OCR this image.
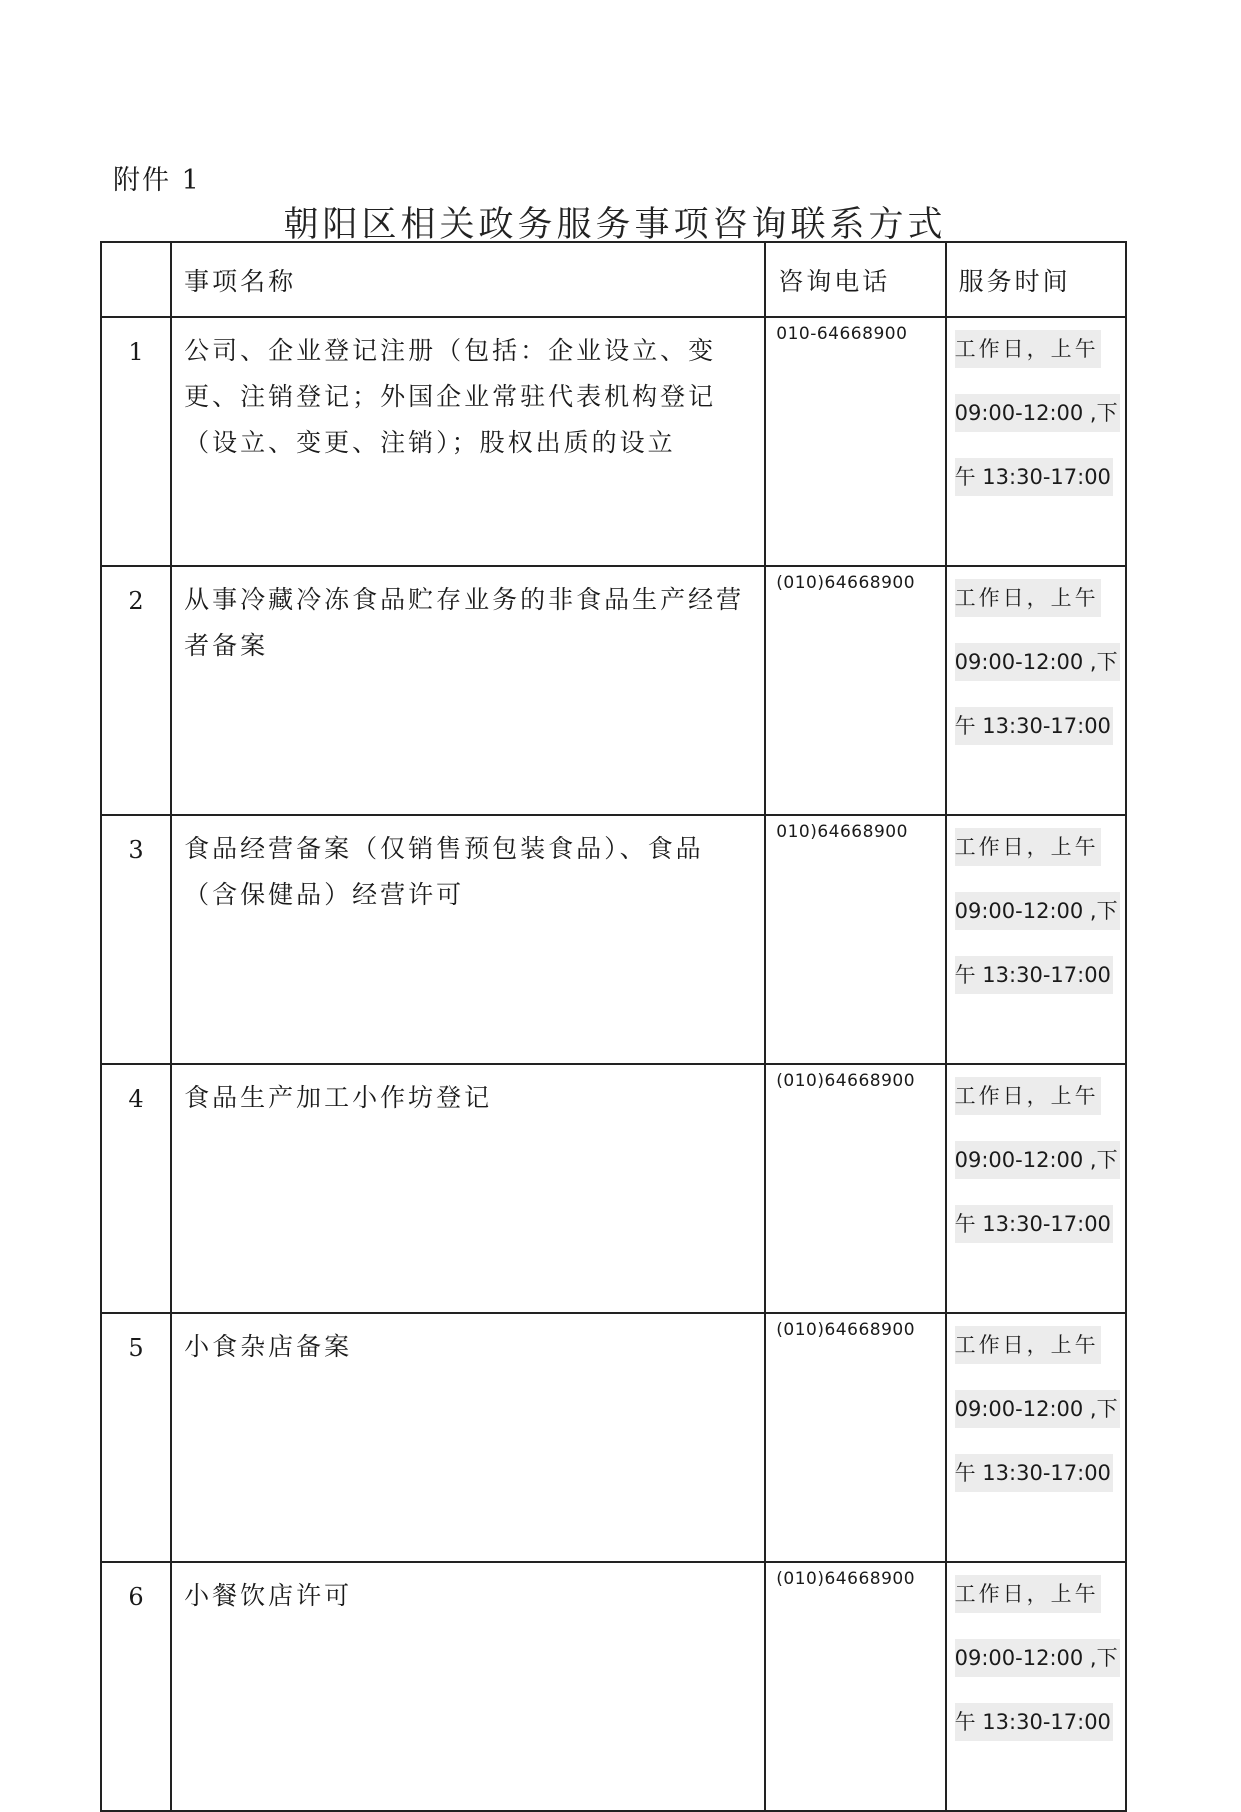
附件 1
朝阳区相关政务服务事项咨询联系方式
	事项名称	咨询电话	服务时间
1	公司、企业登记注册（包括：企业设立、变更、注销登记；外国企业常驻代表机构登记（设立、变更、注销）；股权出质的设立	010-64668900	工作日，上午
09:00-12:00 ,下
午 13:30-17:00
2	从事冷藏冷冻食品贮存业务的非食品生产经营者备案	(010)64668900	工作日，上午
09:00-12:00 ,下
午 13:30-17:00
3	食品经营备案（仅销售预包装食品）、食品（含保健品）经营许可	010)64668900	工作日，上午
09:00-12:00 ,下
午 13:30-17:00
4	食品生产加工小作坊登记	(010)64668900	工作日，上午
09:00-12:00 ,下
午 13:30-17:00
5	小食杂店备案	(010)64668900	工作日，上午
09:00-12:00 ,下
午 13:30-17:00
6	小餐饮店许可	(010)64668900	工作日，上午
09:00-12:00 ,下
午 13:30-17:00
